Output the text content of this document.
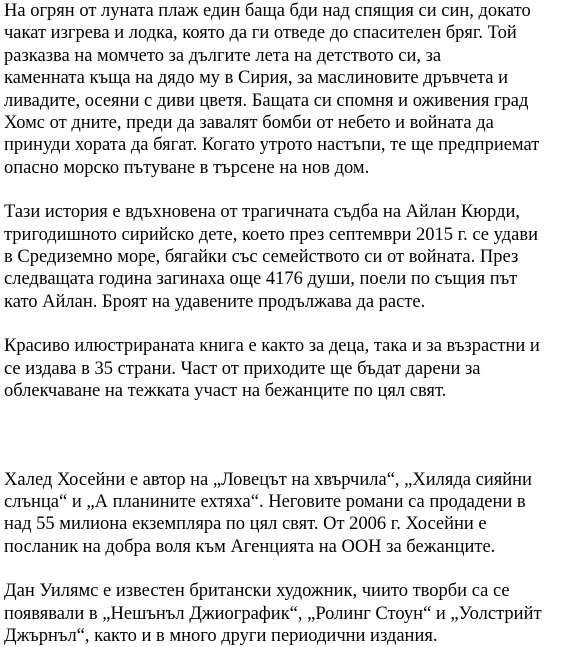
На огрян от луната плаж един баща бди над спящия си син, докато

чакат изгрева и лодка, която да ги отведе до спасителен бряг. Той

разказва на момчето за дългите лета на детството си, за

каменната къща на дядо му в Сирия, за маслиновите дръвчета и

ливадите, осеяни с диви цветя. Бащата си спомня и оживения град

Хомс от дните, преди да завалят бомби от небето и войната да

принуди хората да бягат. Когато утрото настъпи, те ще предприемат

опасно морско пътуване в търсене на нов дом.

Тази история е вдъхновена от трагичната съдба на Айлан Кюрди,

тригодишното сирийско дете, което през септември 2015 г. се удави

в Средиземно море, бягайки със семейството си от войната. През

следващата година загинаха още 4176 души, поели по същия път

като Айлан. Броят на удавените продължава да расте.

Красиво илюстрираната книга е както за деца, така и за възрастни и

се издава в 35 страни. Част от приходите ще бъдат дарени за

облекчаване на тежката участ на бежанците по цял свят.

Халед Хосейни е автор на „Ловецът на хвърчила“, „Хиляда сияйни

слънца“ и „А планините ехтяха“. Неговите романи са продадени в

над 55 милиона екземпляра по цял свят. От 2006 г. Хосейни е

посланик на добра воля към Агенцията на ООН за бежанците.

Дан Уилямс е известен британски художник, чиито творби са се

появявали в „Нешънъл Джиографик“, „Ролинг Стоун“ и „Уолстрийт

Джърнъл“, както и в много други периодични издания.
